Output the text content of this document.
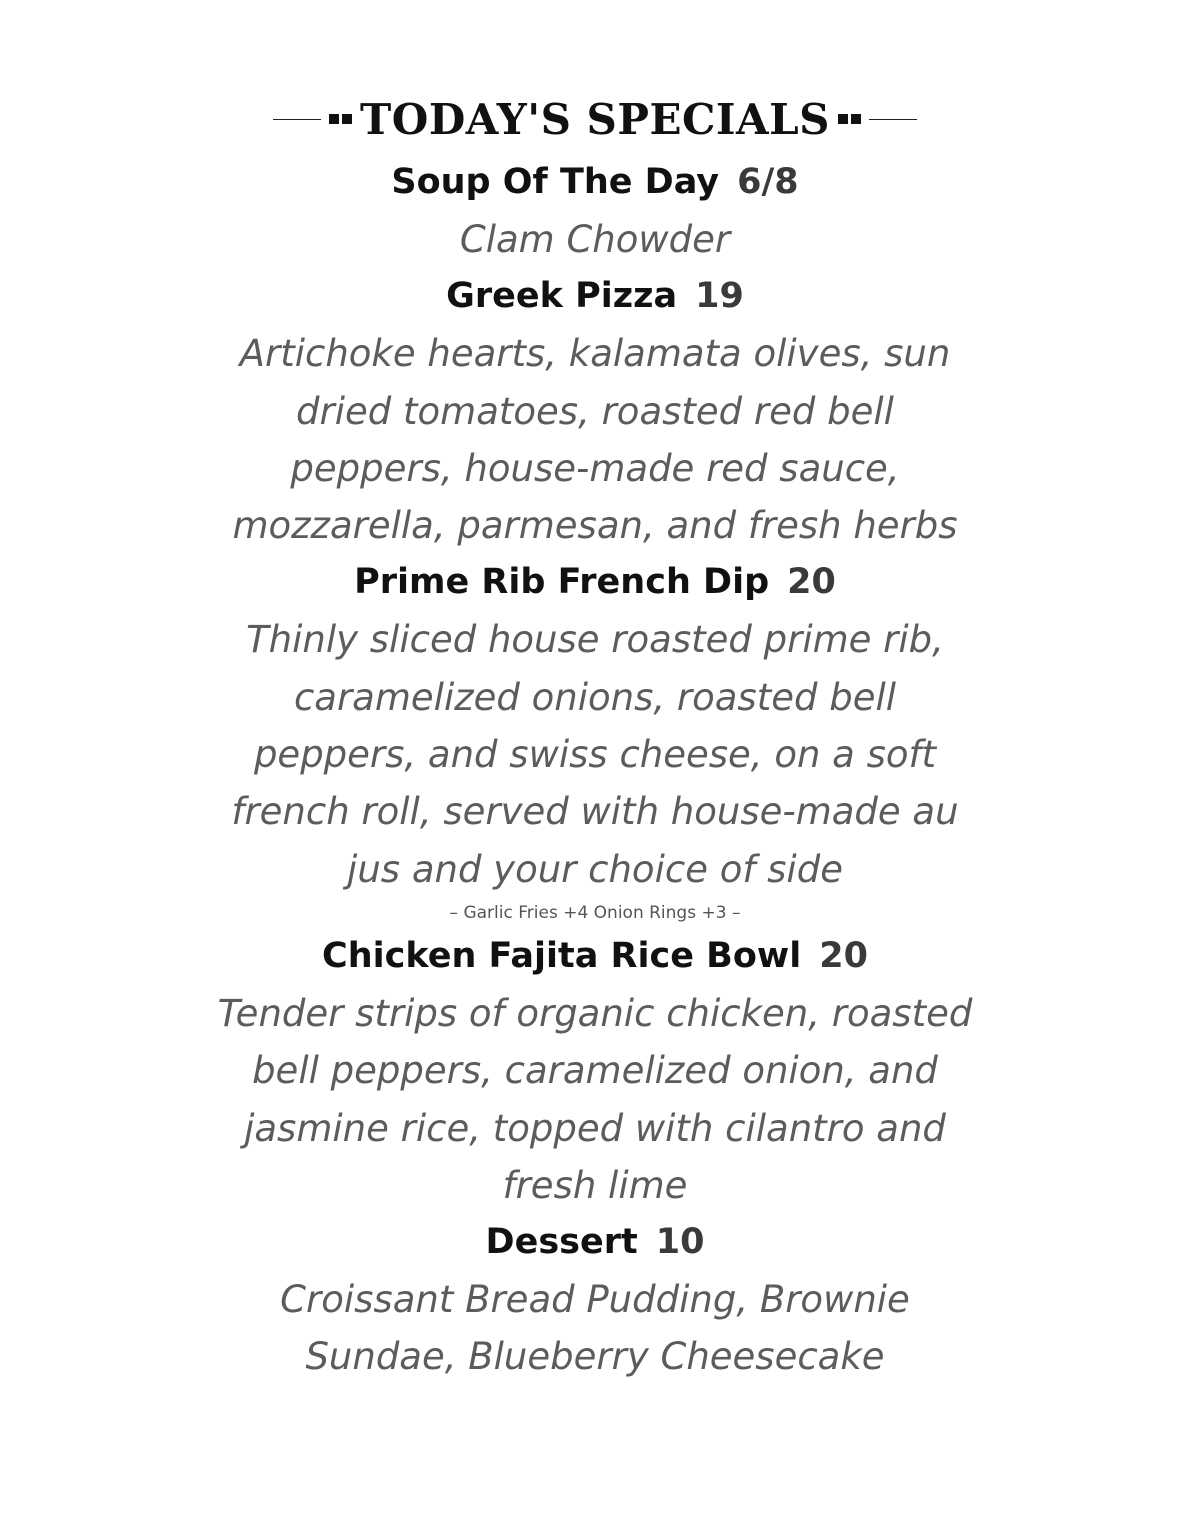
TODAY'S SPECIALS
Soup Of The Day 6/8
Clam Chowder
Greek Pizza 19
Artichoke hearts, kalamata olives, sun
dried tomatoes, roasted red bell
peppers, house-made red sauce,
mozzarella, parmesan, and fresh herbs
Prime Rib French Dip 20
Thinly sliced house roasted prime rib,
caramelized onions, roasted bell
peppers, and swiss cheese, on a soft
french roll, served with house-made au
jus and your choice of side
– Garlic Fries +4 Onion Rings +3 –
Chicken Fajita Rice Bowl 20
Tender strips of organic chicken, roasted
bell peppers, caramelized onion, and
jasmine rice, topped with cilantro and
fresh lime
Dessert 10
Croissant Bread Pudding, Brownie
Sundae, Blueberry Cheesecake
